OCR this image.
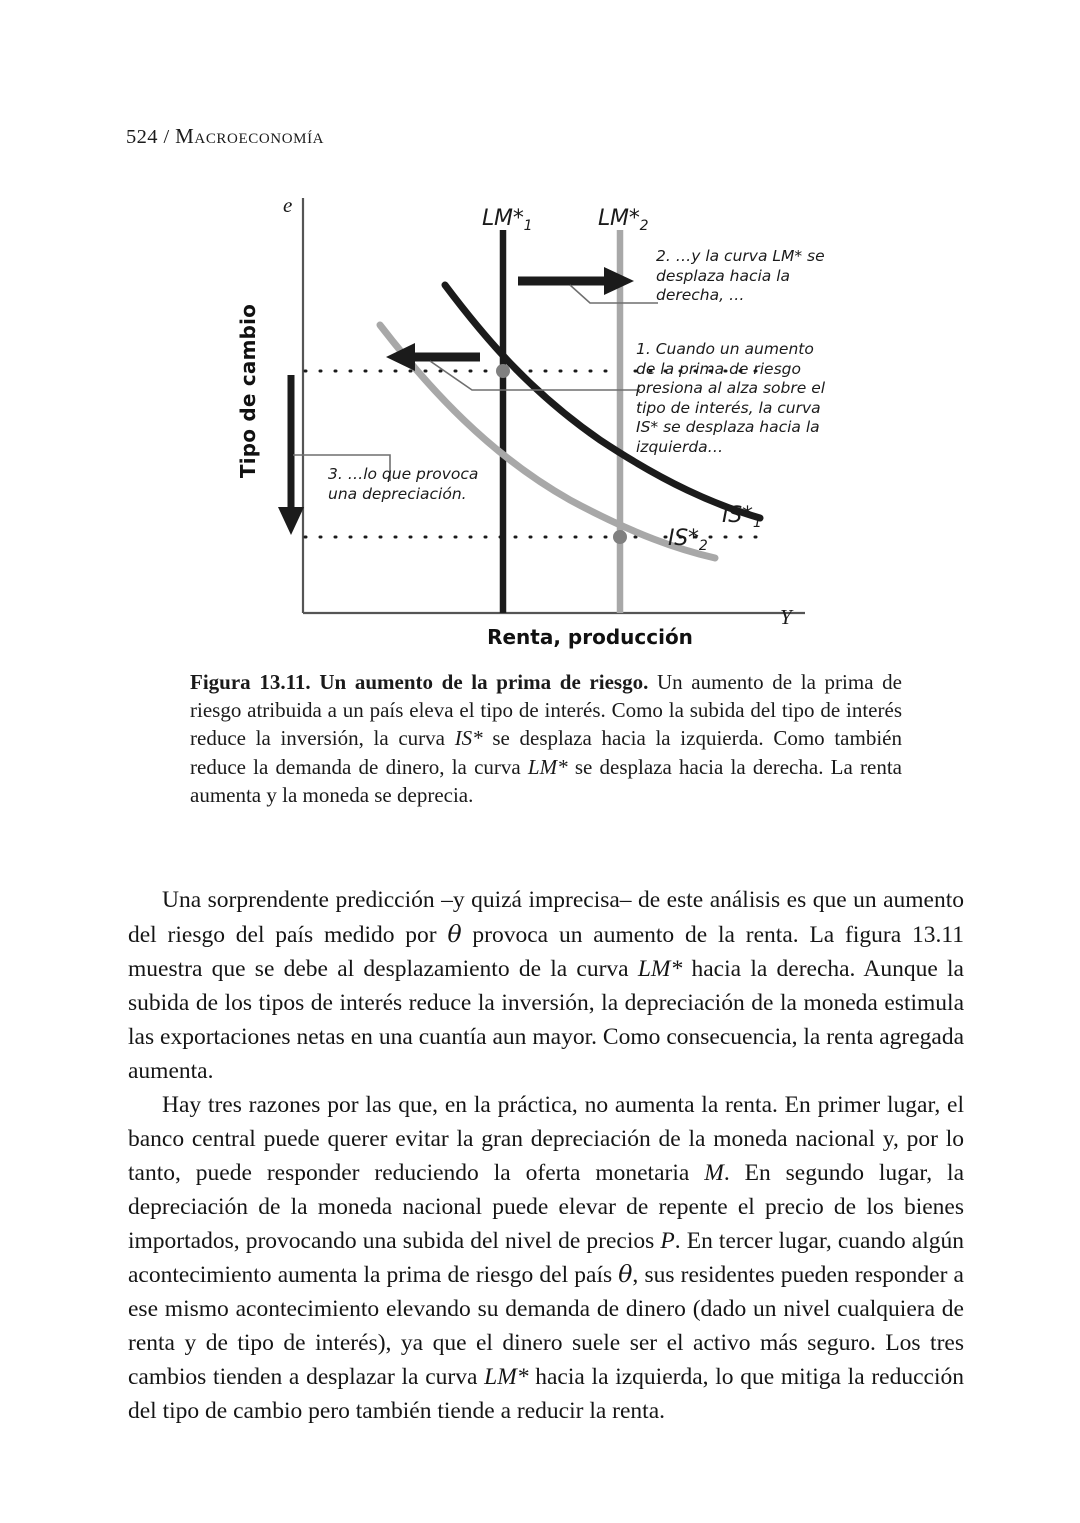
524 / Macroeconomía
Tipo de cambio
Renta, producción
e
Y
$LM*_1$	$LM*_2$
$IS*_1$
$IS*_2$
2. …y la curva LM* se desplaza hacia la derecha, …
1. Cuando un aumento de la prima de riesgo presiona al alza sobre el tipo de interés, la curva IS* se desplaza hacia la izquierda…
3. …lo que provoca una depreciación.
Figura 13.11. Un aumento de la prima de riesgo. Un aumento de la prima de riesgo atribuida a un país eleva el tipo de interés. Como la subida del tipo de interés reduce la inversión, la curva IS* se desplaza hacia la izquierda. Como también reduce la demanda de dinero, la curva LM* se desplaza hacia la derecha. La renta aumenta y la moneda se deprecia.

Una sorprendente predicción –y quizá imprecisa– de este análisis es que un aumento del riesgo del país medido por θ provoca un aumento de la renta. La figura 13.11 muestra que se debe al desplazamiento de la curva LM* hacia la derecha. Aunque la subida de los tipos de interés reduce la inversión, la depreciación de la moneda estimula las exportaciones netas en una cuantía aun mayor. Como consecuencia, la renta agregada aumenta.

Hay tres razones por las que, en la práctica, no aumenta la renta. En primer lugar, el banco central puede querer evitar la gran depreciación de la moneda nacional y, por lo tanto, puede responder reduciendo la oferta monetaria M. En segundo lugar, la depreciación de la moneda nacional puede elevar de repente el precio de los bienes importados, provocando una subida del nivel de precios P. En tercer lugar, cuando algún acontecimiento aumenta la prima de riesgo del país θ, sus residentes pueden responder a ese mismo acontecimiento elevando su demanda de dinero (dado un nivel cualquiera de renta y de tipo de interés), ya que el dinero suele ser el activo más seguro. Los tres cambios tienden a desplazar la curva LM* hacia la izquierda, lo que mitiga la reducción del tipo de cambio pero también tiende a reducir la renta.
